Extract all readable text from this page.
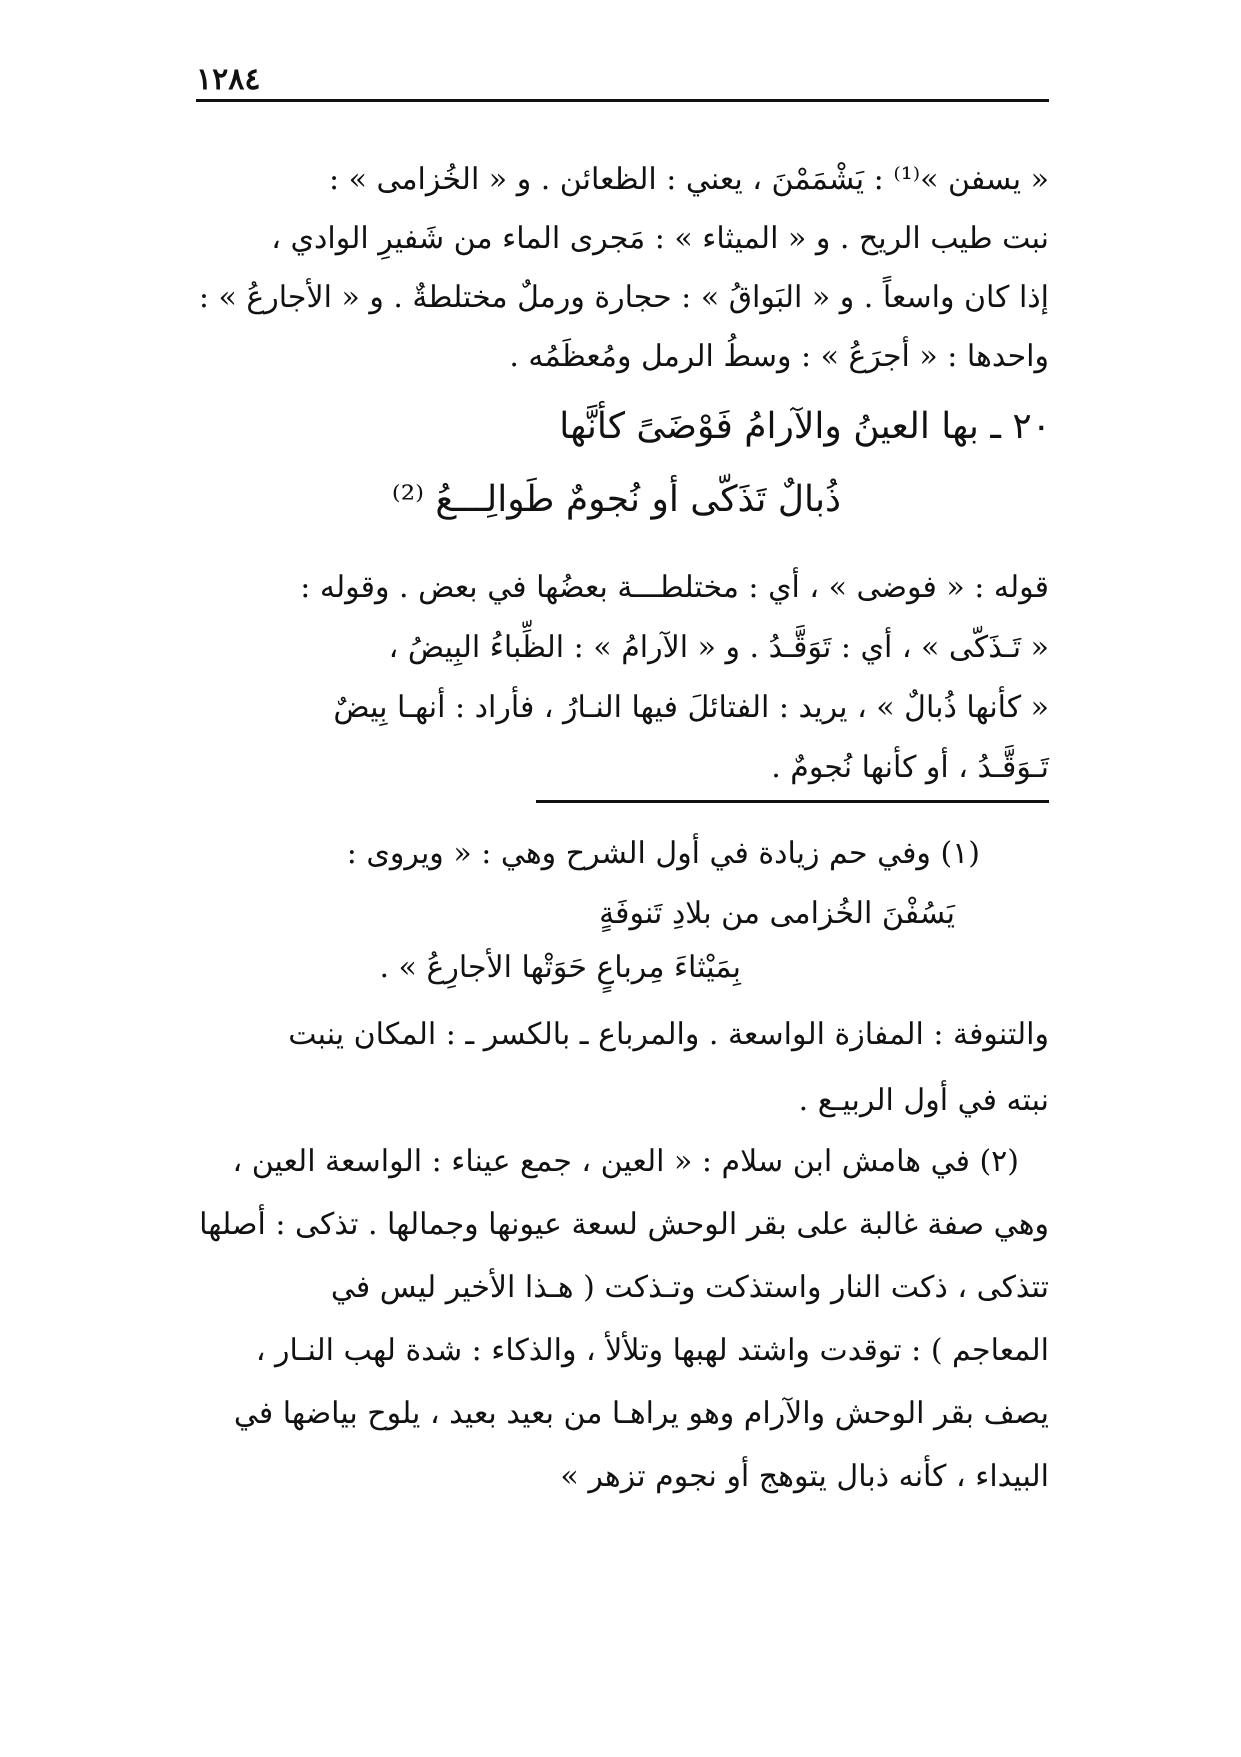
١٢٨٤

« يسفن »⁽¹⁾ : يَشْمَمْنَ ، يعني : الظعائن . و « الخُزامى » :

نبت طيب الريح . و « الميثاء » : مَجرى الماء من شَفيرِ الوادي ،

إذا كان واسعاً . و « البَواقُ » : حجارة ورملٌ مختلطةٌ . و « الأجارعُ » :

واحدها : « أجرَعُ » : وسطُ الرمل ومُعظَمُه .

٢٠ ـ بها العينُ والآرامُ فَوْضَىً كأنَّها
ذُبالٌ تَذَكّى أو نُجومٌ طَوالِـــعُ ⁽²⁾

قوله : « فوضى » ، أي : مختلطـــة بعضُها في بعض . وقوله :

« تَـذَكّى » ، أي : تَوَقَّـدُ . و « الآرامُ » : الظِّباءُ البِيضُ ،

« كأنها ذُبالٌ » ، يريد : الفتائلَ فيها النـارُ ، فأراد : أنهـا بِيضٌ

تَـوَقَّـدُ ، أو كأنها نُجومٌ .

(١) وفي حم زيادة في أول الشرح وهي : « ويروى :
يَسُفْنَ الخُزامى من بلادِ تَنوفَةٍ
بِمَيْثاءَ مِرباعٍ حَوَتْها الأجارِعُ » .

والتنوفة : المفازة الواسعة . والمرباع ـ بالكسر ـ : المكان ينبت

نبته في أول الربيـع .

(٢) في هامش ابن سلام : « العين ، جمع عيناء : الواسعة العين ،

وهي صفة غالبة على بقر الوحش لسعة عيونها وجمالها . تذكى : أصلها

تتذكى ، ذكت النار واستذكت وتـذكت ( هـذا الأخير ليس في

المعاجم ) : توقدت واشتد لهبها وتلألأ ، والذكاء : شدة لهب النـار ،

يصف بقر الوحش والآرام وهو يراهـا من بعيد بعيد ، يلوح بياضها في

البيداء ، كأنه ذبال يتوهج أو نجوم تزهر »
